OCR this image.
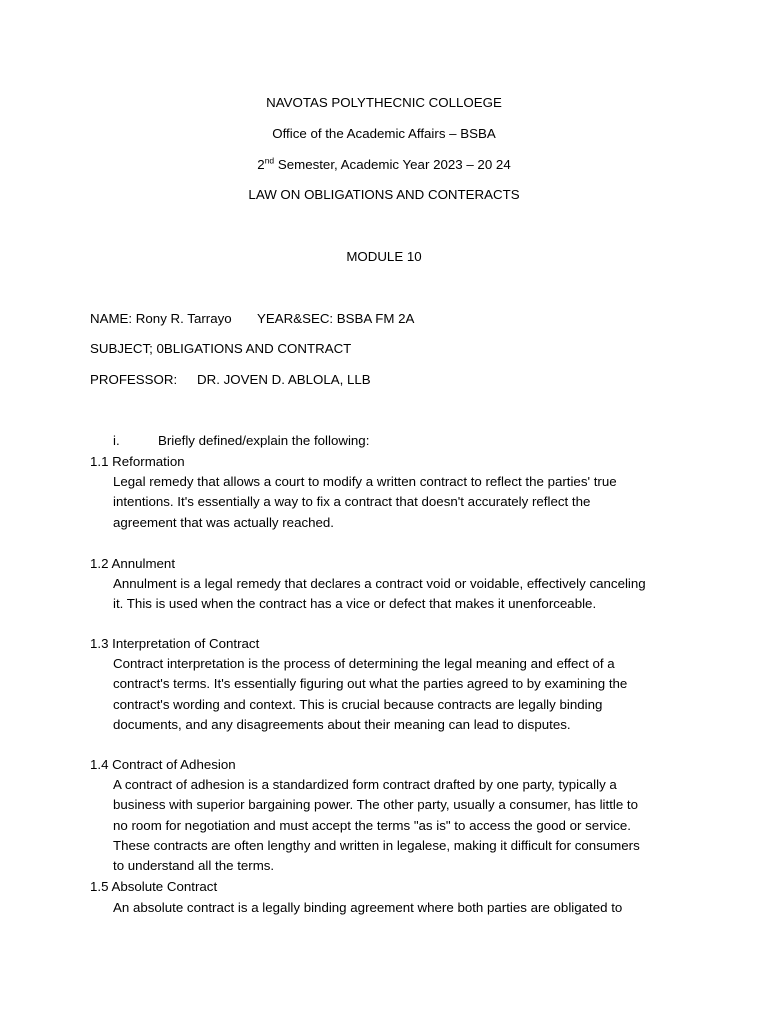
NAVOTAS POLYTHECNIC COLLOEGE
Office of the Academic Affairs – BSBA
2nd Semester, Academic Year 2023 – 20 24
LAW ON OBLIGATIONS AND CONTERACTS
MODULE 10
NAME: Rony R. Tarrayo YEAR&SEC: BSBA FM 2A
SUBJECT; 0BLIGATIONS AND CONTRACT
PROFESSOR: DR. JOVEN D. ABLOLA, LLB
i.	Briefly defined/explain the following:
1.1 Reformation

Legal remedy that allows a court to modify a written contract to reflect the parties' true

intentions. It's essentially a way to fix a contract that doesn't accurately reflect the

agreement that was actually reached.

1.2 Annulment

Annulment is a legal remedy that declares a contract void or voidable, effectively canceling

it. This is used when the contract has a vice or defect that makes it unenforceable.

1.3 Interpretation of Contract

Contract interpretation is the process of determining the legal meaning and effect of a

contract's terms. It's essentially figuring out what the parties agreed to by examining the

contract's wording and context. This is crucial because contracts are legally binding

documents, and any disagreements about their meaning can lead to disputes.

1.4 Contract of Adhesion

A contract of adhesion is a standardized form contract drafted by one party, typically a

business with superior bargaining power. The other party, usually a consumer, has little to

no room for negotiation and must accept the terms "as is" to access the good or service.

These contracts are often lengthy and written in legalese, making it difficult for consumers

to understand all the terms.

1.5 Absolute Contract

An absolute contract is a legally binding agreement where both parties are obligated to
